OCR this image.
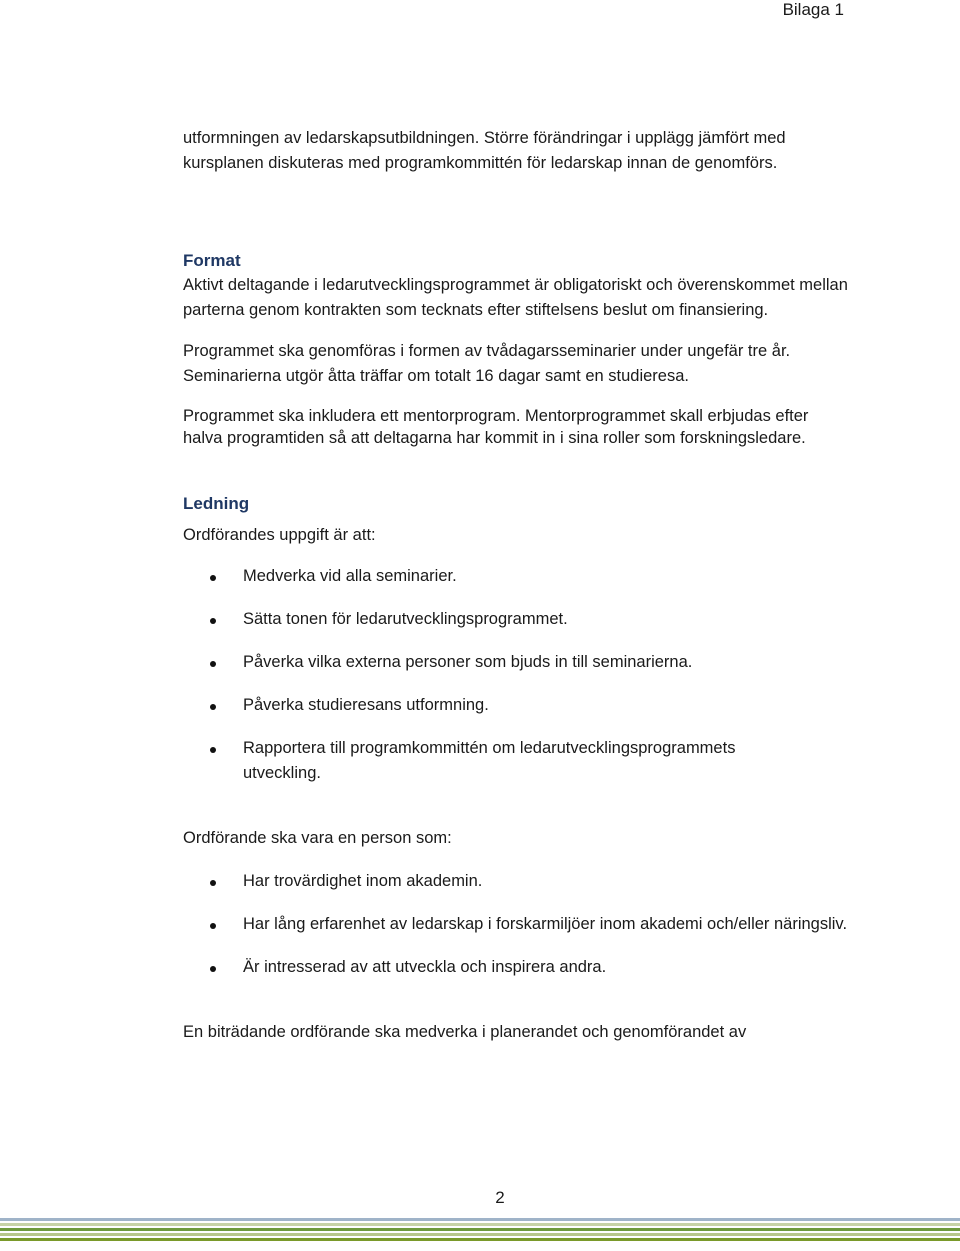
Bilaga 1

utformningen av ledarskapsutbildningen. Större förändringar i upplägg jämfört med

kursplanen diskuteras med programkommittén för ledarskap innan de genomförs.

Format

Aktivt deltagande i ledarutvecklingsprogrammet är obligatoriskt och överenskommet mellan parterna genom kontrakten som tecknats efter stiftelsens beslut om finansiering.

Programmet ska genomföras i formen av tvådagarsseminarier under ungefär tre år. Seminarierna utgör åtta träffar om totalt 16 dagar samt en studieresa.

Programmet ska inkludera ett mentorprogram. Mentorprogrammet skall erbjudas efter halva programtiden så att deltagarna har kommit in i sina roller som forskningsledare.

Ledning

Ordförandes uppgift är att:

Medverka vid alla seminarier.
Sätta tonen för ledarutvecklingsprogrammet.
Påverka vilka externa personer som bjuds in till seminarierna.
Påverka studieresans utformning.
Rapportera till programkommittén om ledarutvecklingsprogrammets utveckling.

Ordförande ska vara en person som:

Har trovärdighet inom akademin.
Har lång erfarenhet av ledarskap i forskarmiljöer inom akademi och/eller näringsliv.
Är intresserad av att utveckla och inspirera andra.

En biträdande ordförande ska medverka i planerandet och genomförandet av

2
